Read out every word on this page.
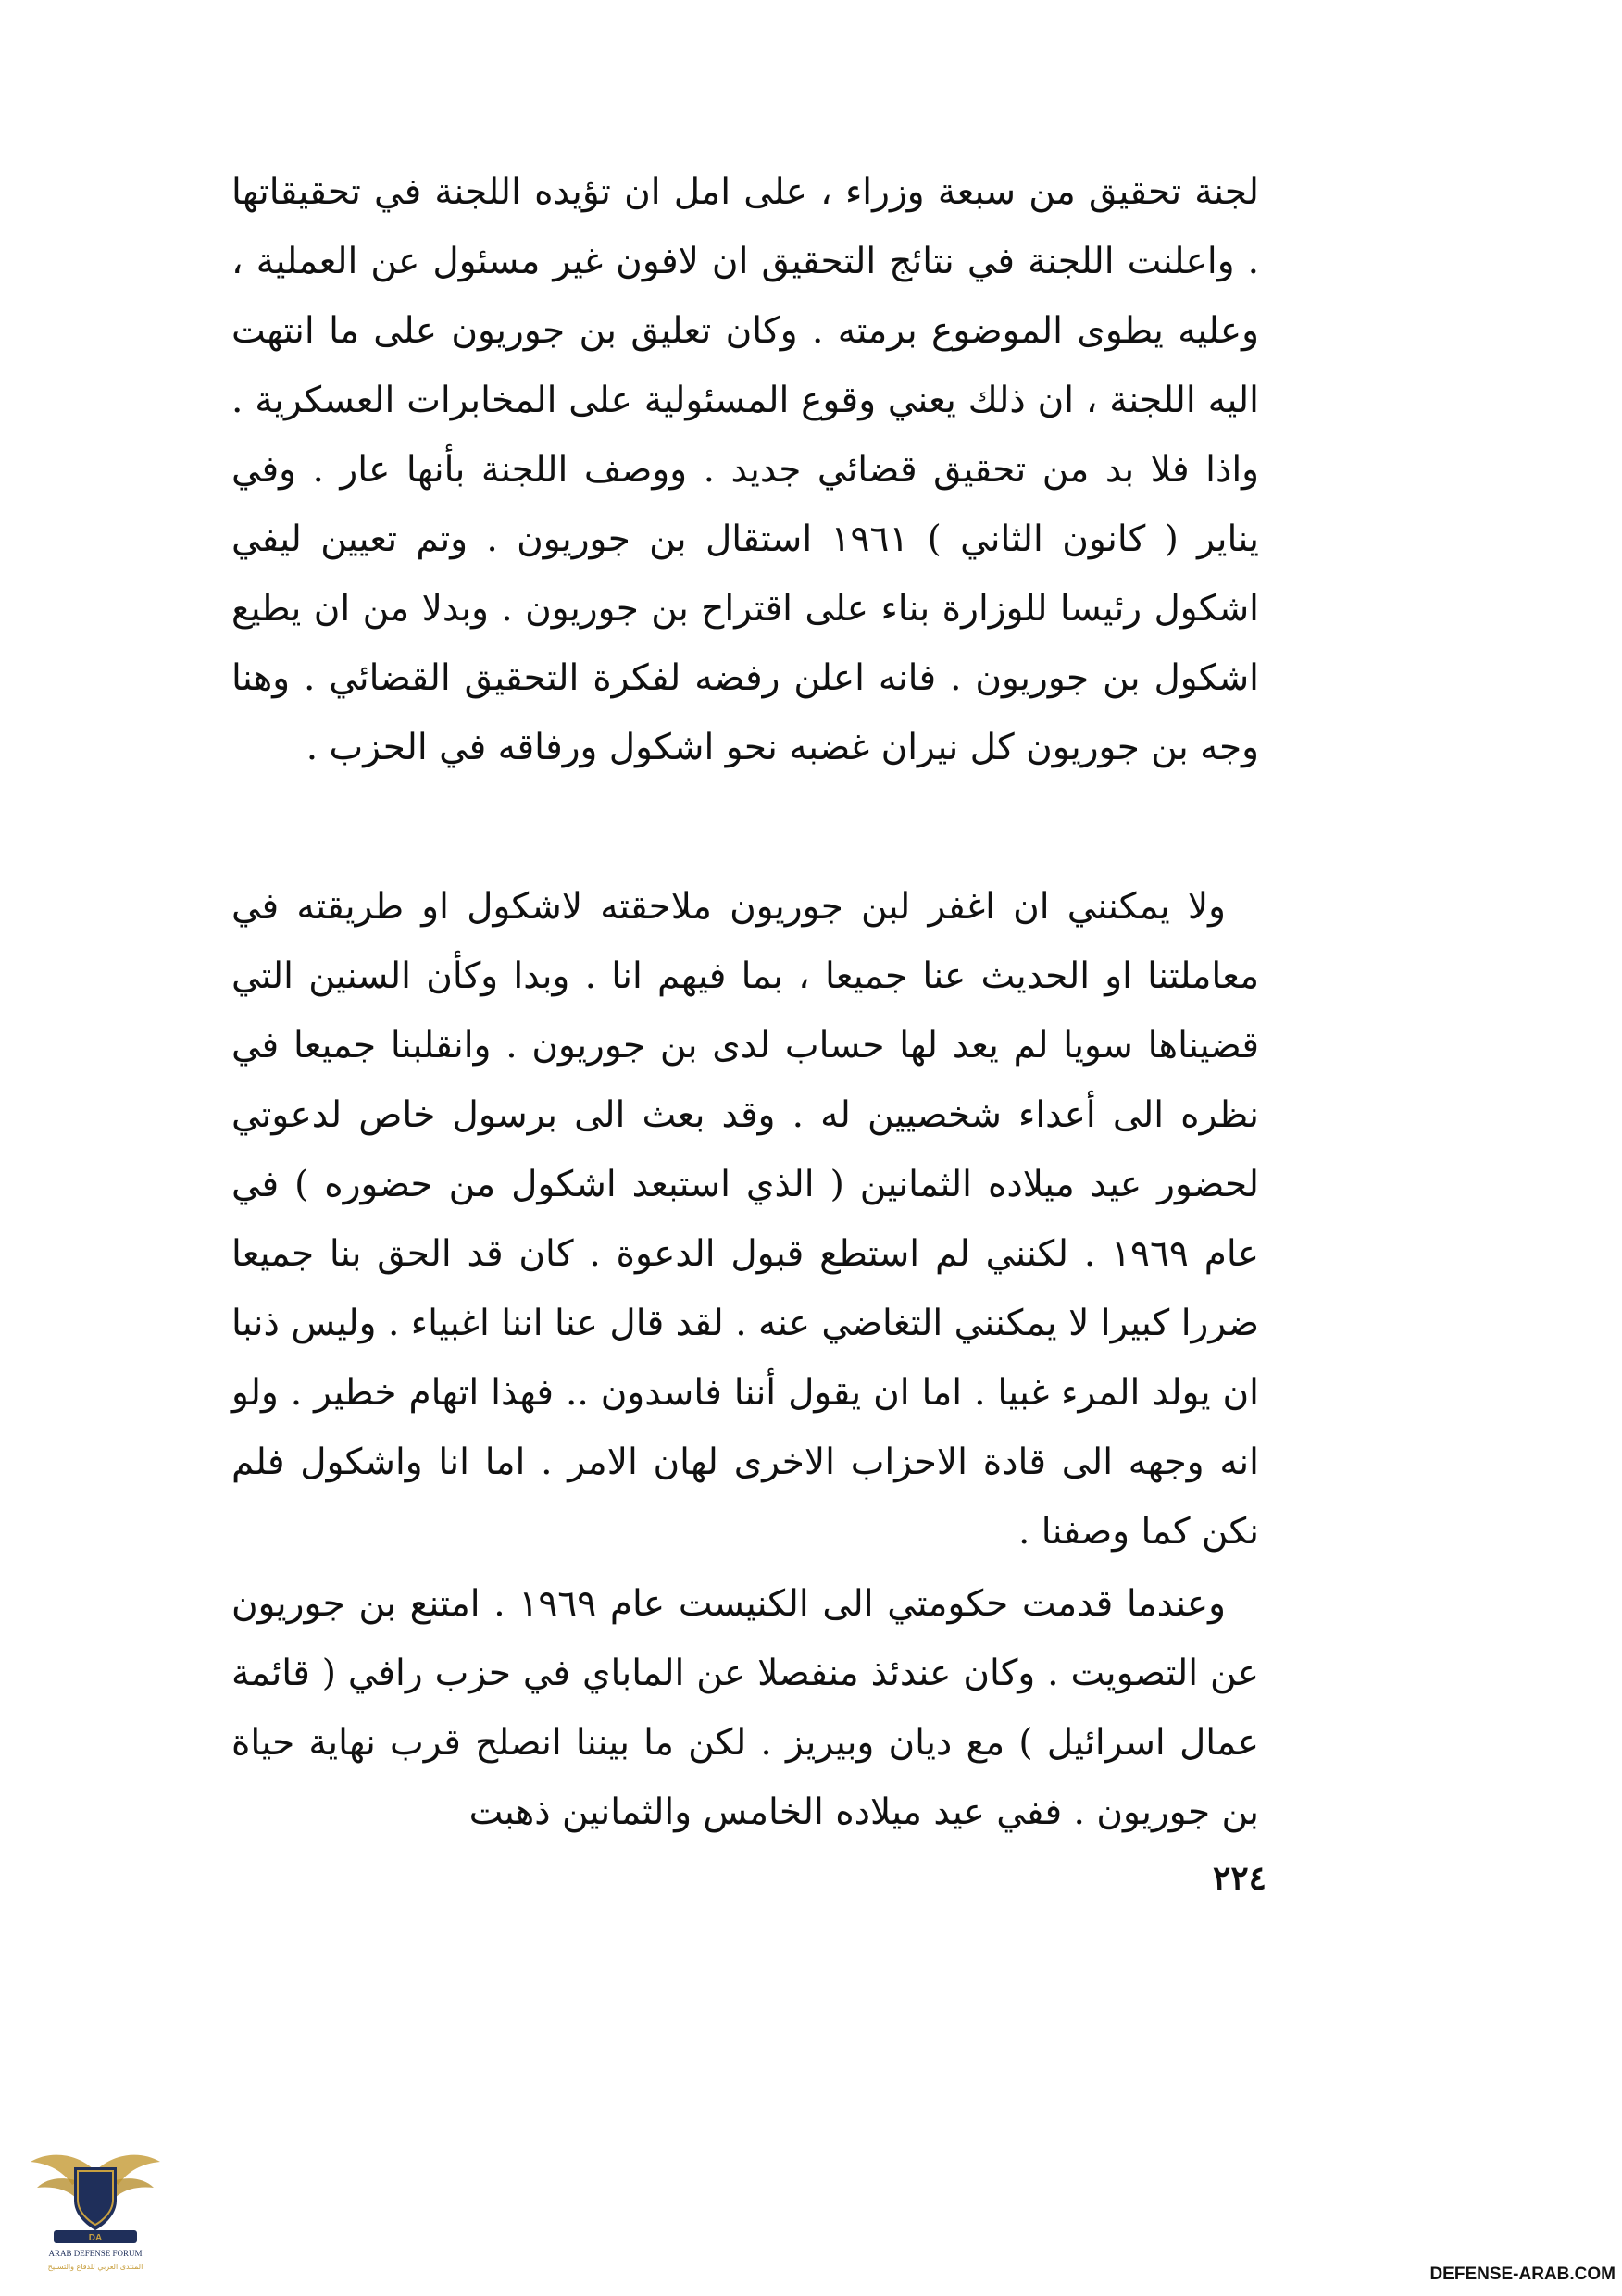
لجنة تحقيق من سبعة وزراء ، على امل ان تؤيده اللجنة في تحقيقاتها . واعلنت اللجنة في نتائج التحقيق ان لافون غير مسئول عن العملية ، وعليه يطوى الموضوع برمته . وكان تعليق بن جوريون على ما انتهت اليه اللجنة ، ان ذلك يعني وقوع المسئولية على المخابرات العسكرية . واذا فلا بد من تحقيق قضائي جديد . ووصف اللجنة بأنها عار . وفي يناير ( كانون الثاني ) ١٩٦١ استقال بن جوريون . وتم تعيين ليفي اشكول رئيسا للوزارة بناء على اقتراح بن جوريون . وبدلا من ان يطيع اشكول بن جوريون . فانه اعلن رفضه لفكرة التحقيق القضائي . وهنا وجه بن جوريون كل نيران غضبه نحو اشكول ورفاقه في الحزب .

ولا يمكنني ان اغفر لبن جوريون ملاحقته لاشكول او طريقته في معاملتنا او الحديث عنا جميعا ، بما فيهم انا . وبدا وكأن السنين التي قضيناها سويا لم يعد لها حساب لدى بن جوريون . وانقلبنا جميعا في نظره الى أعداء شخصيين له . وقد بعث الى برسول خاص لدعوتي لحضور عيد ميلاده الثمانين ( الذي استبعد اشكول من حضوره ) في عام ١٩٦٩ . لكنني لم استطع قبول الدعوة . كان قد الحق بنا جميعا ضررا كبيرا لا يمكنني التغاضي عنه . لقد قال عنا اننا اغبياء . وليس ذنبا ان يولد المرء غبيا . اما ان يقول أننا فاسدون .. فهذا اتهام خطير . ولو انه وجهه الى قادة الاحزاب الاخرى لهان الامر . اما انا واشكول فلم نكن كما وصفنا .

وعندما قدمت حكومتي الى الكنيست عام ١٩٦٩ . امتنع بن جوريون عن التصويت . وكان عندئذ منفصلا عن الماباي في حزب رافي ( قائمة عمال اسرائيل ) مع ديان وبيريز . لكن ما بيننا انصلح قرب نهاية حياة بن جوريون . ففي عيد ميلاده الخامس والثمانين ذهبت

٢٢٤

DA
ARAB DEFENSE FORUM
المنتدى العربي للدفاع والتسليح	DEFENSE-ARAB.COM
